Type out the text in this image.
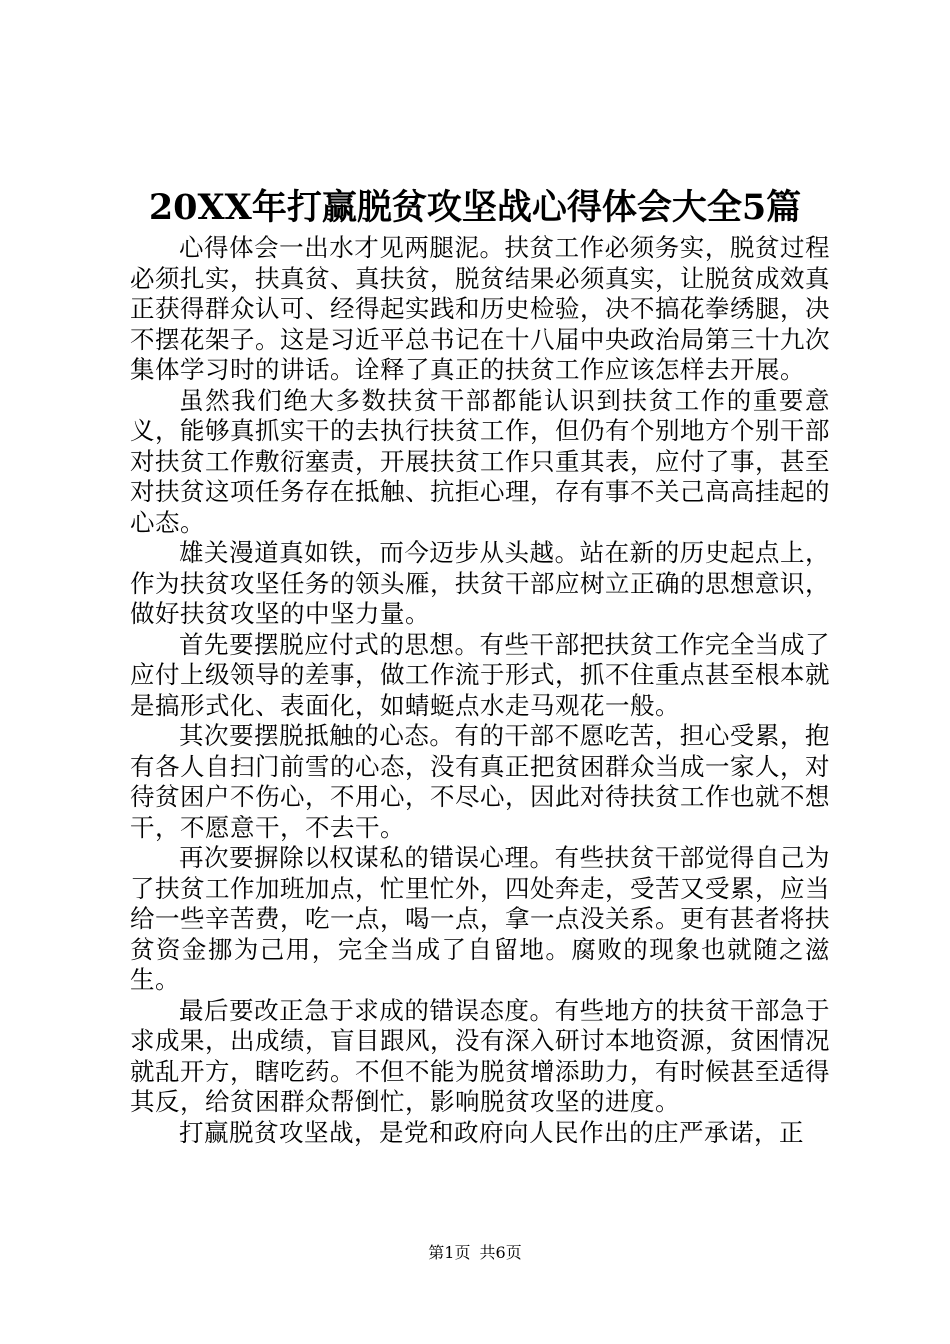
20XX年打赢脱贫攻坚战心得体会大全5篇

心得体会一出水才见两腿泥。扶贫工作必须务实，脱贫过程必须扎实，扶真贫、真扶贫，脱贫结果必须真实，让脱贫成效真正获得群众认可、经得起实践和历史检验，决不搞花拳绣腿，决不摆花架子。这是习近平总书记在十八届中央政治局第三十九次集体学习时的讲话。诠释了真正的扶贫工作应该怎样去开展。

虽然我们绝大多数扶贫干部都能认识到扶贫工作的重要意义，能够真抓实干的去执行扶贫工作，但仍有个别地方个别干部对扶贫工作敷衍塞责，开展扶贫工作只重其表，应付了事，甚至对扶贫这项任务存在抵触、抗拒心理，存有事不关己高高挂起的心态。

雄关漫道真如铁，而今迈步从头越。站在新的历史起点上，作为扶贫攻坚任务的领头雁，扶贫干部应树立正确的思想意识，做好扶贫攻坚的中坚力量。

首先要摆脱应付式的思想。有些干部把扶贫工作完全当成了应付上级领导的差事，做工作流于形式，抓不住重点甚至根本就是搞形式化、表面化，如蜻蜓点水走马观花一般。

其次要摆脱抵触的心态。有的干部不愿吃苦，担心受累，抱有各人自扫门前雪的心态，没有真正把贫困群众当成一家人，对待贫困户不伤心，不用心，不尽心，因此对待扶贫工作也就不想干，不愿意干，不去干。

再次要摒除以权谋私的错误心理。有些扶贫干部觉得自己为了扶贫工作加班加点，忙里忙外，四处奔走，受苦又受累，应当给一些辛苦费，吃一点，喝一点，拿一点没关系。更有甚者将扶贫资金挪为己用，完全当成了自留地。腐败的现象也就随之滋生。

最后要改正急于求成的错误态度。有些地方的扶贫干部急于求成果，出成绩，盲目跟风，没有深入研讨本地资源，贫困情况就乱开方，瞎吃药。不但不能为脱贫增添助力，有时候甚至适得其反，给贫困群众帮倒忙，影响脱贫攻坚的进度。

打赢脱贫攻坚战，是党和政府向人民作出的庄严承诺，正

第1页 共6页
